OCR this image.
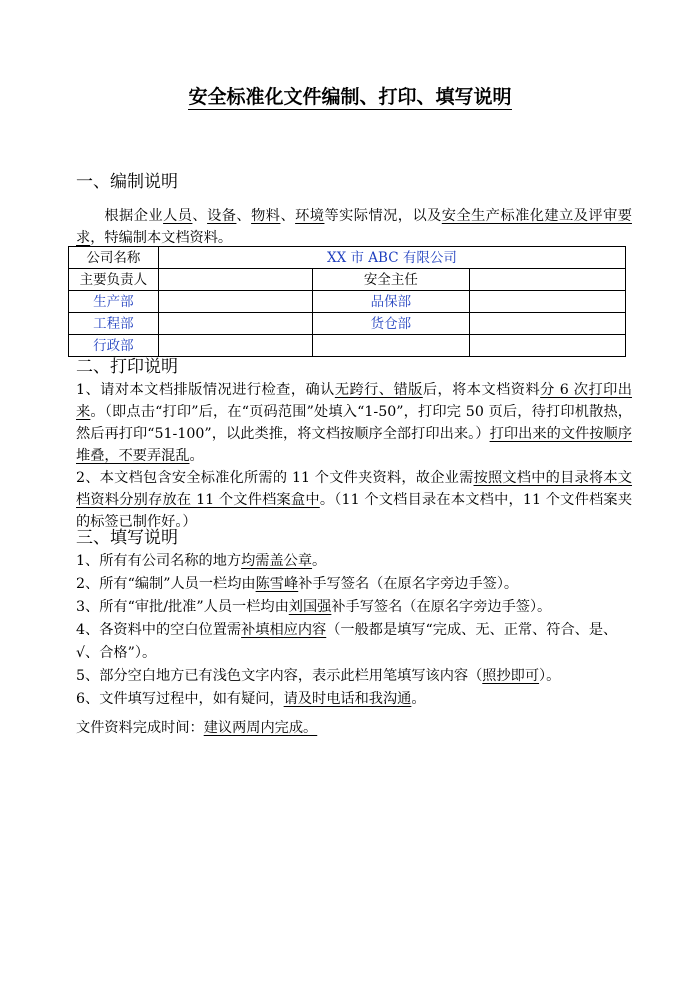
安全标准化文件编制、打印、填写说明
一、编制说明

根据企业人员、设备、物料、环境等实际情况，以及安全生产标准化建立及评审要求，特编制本文档资料。

公司名称	XX 市 ABC 有限公司		
主要负责人		安全主任	
生产部		品保部	
工程部		货仓部	
行政部			
二、打印说明

1、请对本文档排版情况进行检查，确认无跨行、错版后，将本文档资料分 6 次打印出来。（即点击“打印”后，在“页码范围”处填入“1-50”，打印完 50 页后，待打印机散热，然后再打印“51-100”，以此类推，将文档按顺序全部打印出来。）打印出来的文件按顺序堆叠，不要弄混乱。

2、本文档包含安全标准化所需的 11 个文件夹资料，故企业需按照文档中的目录将本文档资料分别存放在 11 个文件档案盒中。（11 个文档目录在本文档中，11 个文件档案夹的标签已制作好。）

三、填写说明

1、所有有公司名称的地方均需盖公章。

2、所有“编制”人员一栏均由陈雪峰补手写签名（在原名字旁边手签）。

3、所有“审批/批准”人员一栏均由刘国强补手写签名（在原名字旁边手签）。

4、各资料中的空白位置需补填相应内容（一般都是填写“完成、无、正常、符合、是、√、合格”）。

5、部分空白地方已有浅色文字内容，表示此栏用笔填写该内容（照抄即可）。

6、文件填写过程中，如有疑问，请及时电话和我沟通。

文件资料完成时间：建议两周内完成。
